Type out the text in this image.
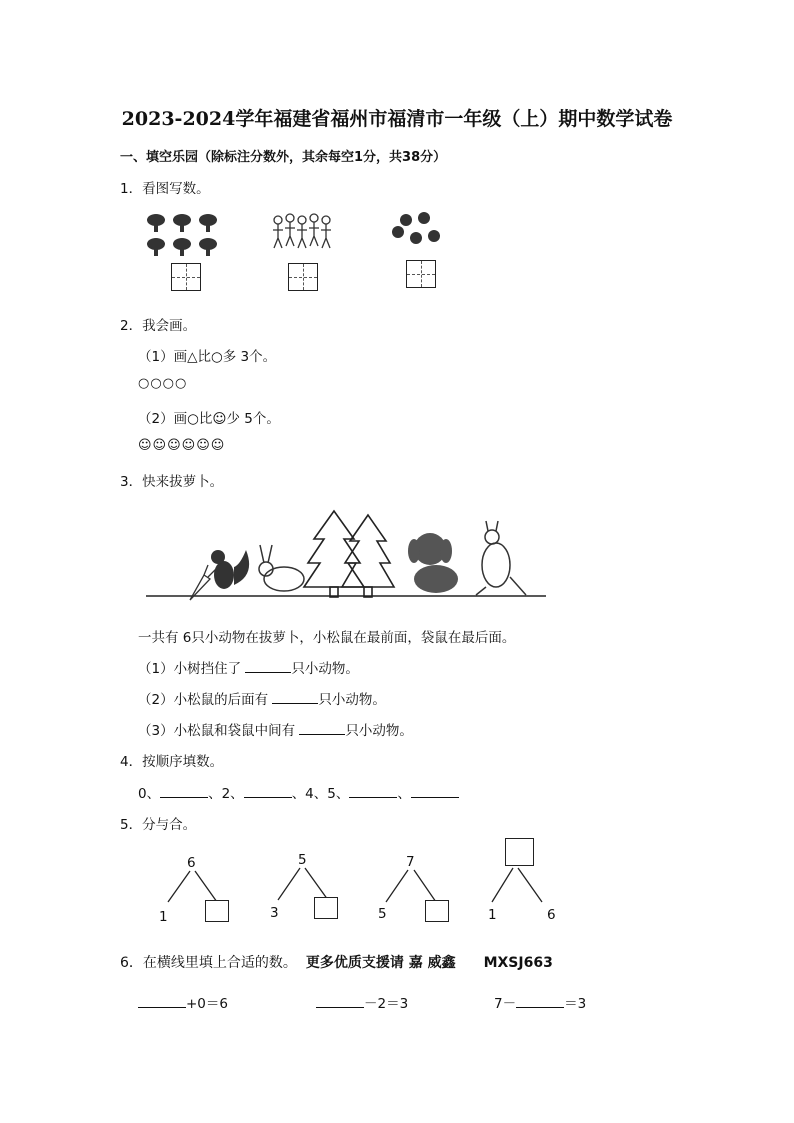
2023-2024学年福建省福州市福清市一年级（上）期中数学试卷
一、填空乐园（除标注分数外，其余每空1分，共38分）
1．看图写数。
2．我会画。
（1）画△比○多 3个。
○○○○
（2）画○比☺少 5个。
☺☺☺☺☺☺
3．快来拔萝卜。
一共有 6只小动物在拔萝卜，小松鼠在最前面，袋鼠在最后面。
（1）小树挡住了	只小动物。
（2）小松鼠的后面有	只小动物。
（3）小松鼠和袋鼠中间有	只小动物。
4．按顺序填数。
0、	、2、	、4、5、	、
5．分与合。
6
1
5
3
7
5	1	6
6．在横线里填上合适的数。 更多优质支援请 嘉 威鑫　　MXSJ663
+0＝6	－2＝3	7－	＝3
